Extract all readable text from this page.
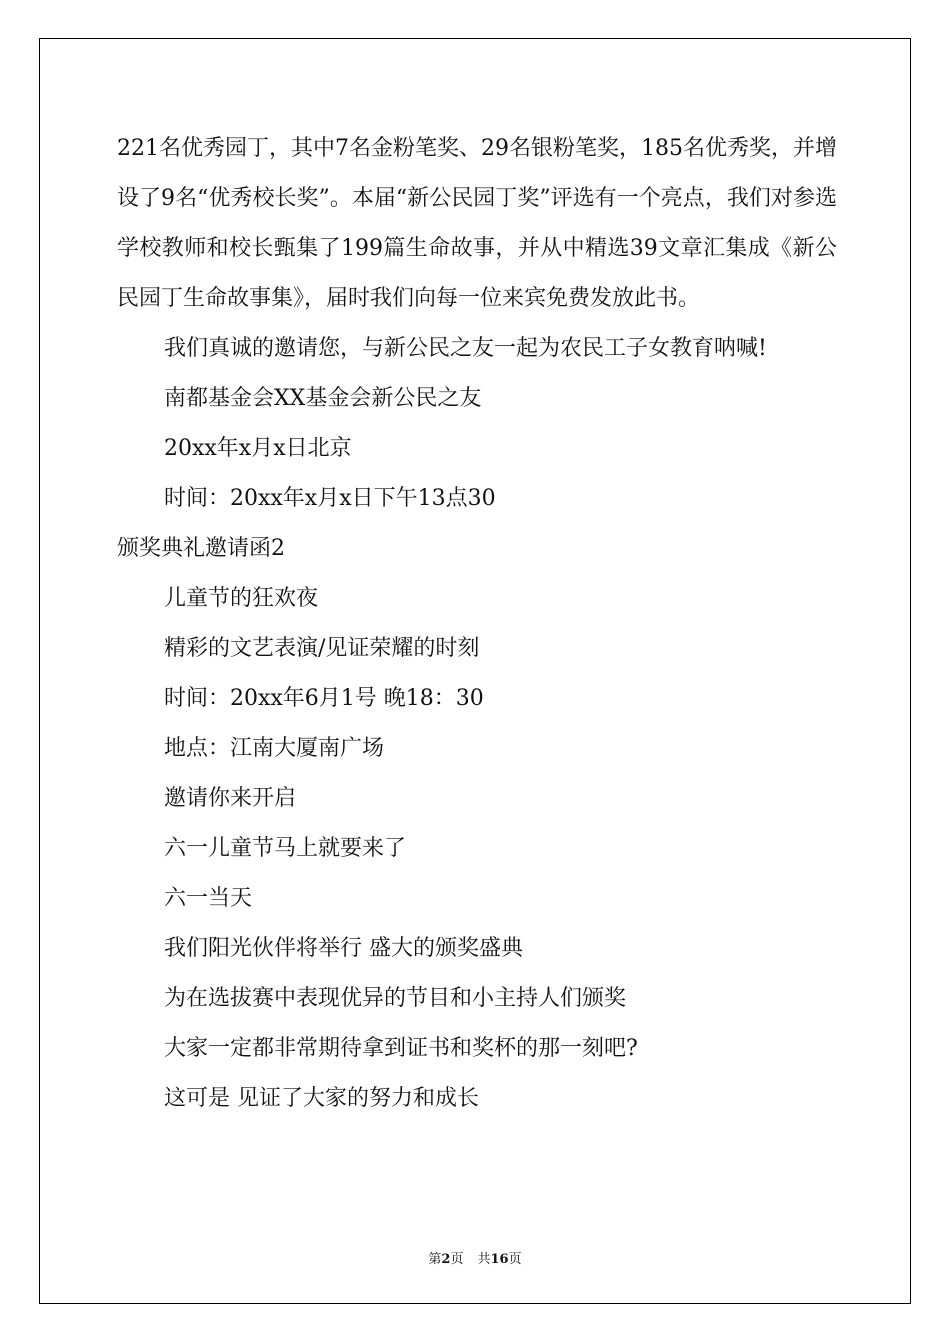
221名优秀园丁，其中7名金粉笔奖、29名银粉笔奖，185名优秀奖，并增设了9名“优秀校长奖”。本届“新公民园丁奖”评选有一个亮点，我们对参选学校教师和校长甄集了199篇生命故事，并从中精选39文章汇集成《新公民园丁生命故事集》，届时我们向每一位来宾免费发放此书。

我们真诚的邀请您，与新公民之友一起为农民工子女教育呐喊!
南都基金会XX基金会新公民之友
20xx年x月x日北京
时间：20xx年x月x日下午13点30
颁奖典礼邀请函2
儿童节的狂欢夜
精彩的文艺表演/见证荣耀的时刻
时间：20xx年6月1号 晚18：30
地点：江南大厦南广场
邀请你来开启
六一儿童节马上就要来了
六一当天
我们阳光伙伴将举行 盛大的颁奖盛典
为在选拔赛中表现优异的节目和小主持人们颁奖
大家一定都非常期待拿到证书和奖杯的那一刻吧?
这可是 见证了大家的努力和成长
第2页 共16页
